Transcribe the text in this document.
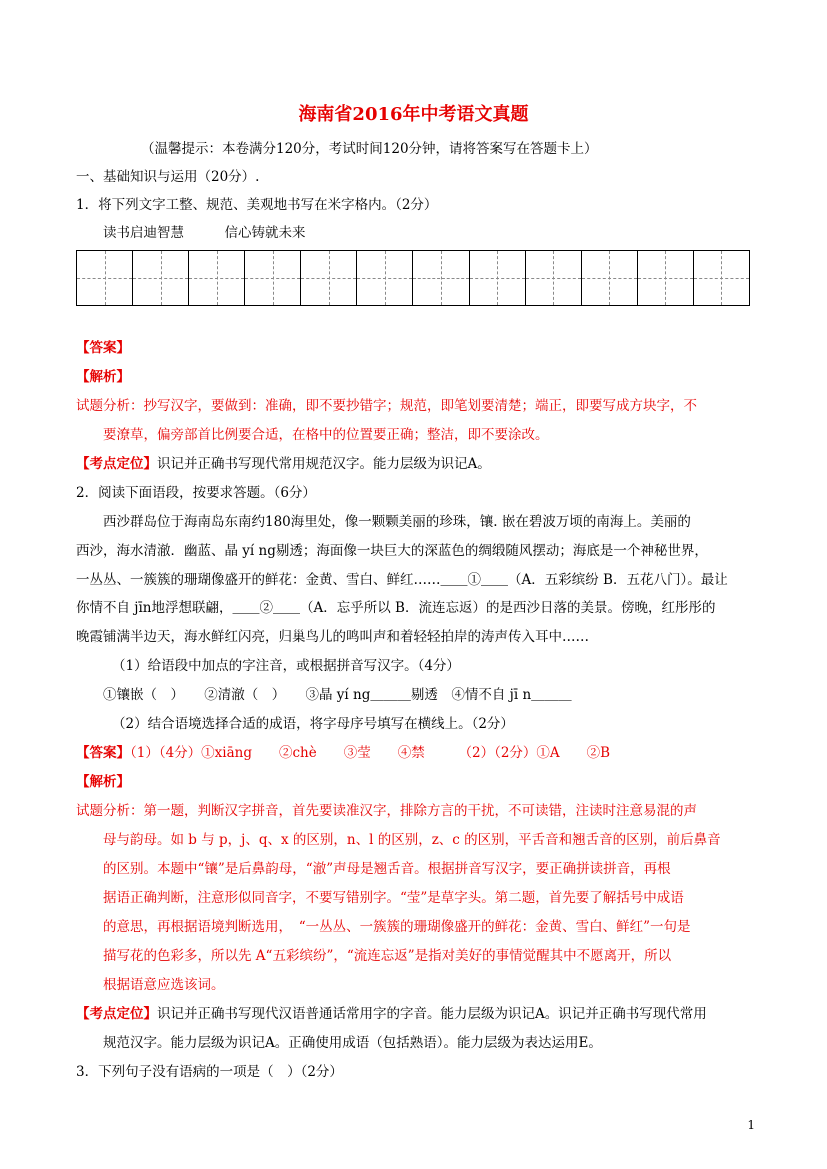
海南省2016年中考语文真题
（温馨提示：本卷满分120分，考试时间120分钟，请将答案写在答题卡上）
一、基础知识与运用（20分）.
1．将下列文字工整、规范、美观地书写在米字格内。（2分）
读书启迪智慧　　　信心铸就未来
【答案】
【解析】
试题分析：抄写汉字，要做到：准确，即不要抄错字；规范，即笔划要清楚；端正，即要写成方块字，不
要潦草，偏旁部首比例要合适，在格中的位置要正确；整洁，即不要涂改。
【考点定位】识记并正确书写现代常用规范汉字。能力层级为识记A。
2．阅读下面语段，按要求答题。（6分）
西沙群岛位于海南岛东南约180海里处，像一颗颗美丽的珍珠，镶. 嵌在碧波万顷的南海上。美丽的
西沙，海水清澈．幽蓝、晶 yí ng剔透；海面像一块巨大的深蓝色的绸缎随风摆动；海底是一个神秘世界，
一丛丛、一簇簇的珊瑚像盛开的鲜花：金黄、雪白、鲜红……＿＿①＿＿（A．五彩缤纷 B．五花八门）。最让
你情不自 jīn地浮想联翩，＿＿②＿＿（A．忘乎所以 B．流连忘返）的是西沙日落的美景。傍晚，红彤彤的
晚霞铺满半边天，海水鲜红闪亮，归巢鸟儿的鸣叫声和着轻轻拍岸的涛声传入耳中……
（1）给语段中加点的字注音，或根据拼音写汉字。（4分）
①镶嵌（　）　　②清澈（　）　　③晶 yí ng＿＿＿剔透　④情不自 jī n＿＿＿
（2）结合语境选择合适的成语，将字母序号填写在横线上。（2分）
【答案】（1）（4分）①xiāng　　②chè　　③莹　　④禁　　　（2）（2分）①A　　②B
【解析】
试题分析：第一题，判断汉字拼音，首先要读准汉字，排除方言的干扰，不可读错，注读时注意易混的声
母与韵母。如 b 与 p，j、q、x 的区别，n、l 的区别，z、c 的区别，平舌音和翘舌音的区别，前后鼻音
的区别。本题中“镶”是后鼻韵母，“澈”声母是翘舌音。根据拼音写汉字，要正确拼读拼音，再根
据语正确判断，注意形似同音字，不要写错别字。“莹”是草字头。第二题，首先要了解括号中成语
的意思，再根据语境判断选用，　“一丛丛、一簇簇的珊瑚像盛开的鲜花：金黄、雪白、鲜红”一句是
描写花的色彩多，所以先 A“五彩缤纷”，“流连忘返”是指对美好的事情觉醒其中不愿离开，所以
根据语意应选该词。
【考点定位】识记并正确书写现代汉语普通话常用字的字音。能力层级为识记A。识记并正确书写现代常用
规范汉字。能力层级为识记A。正确使用成语（包括熟语）。能力层级为表达运用E。
3．下列句子没有语病的一项是（　）（2分）
1
